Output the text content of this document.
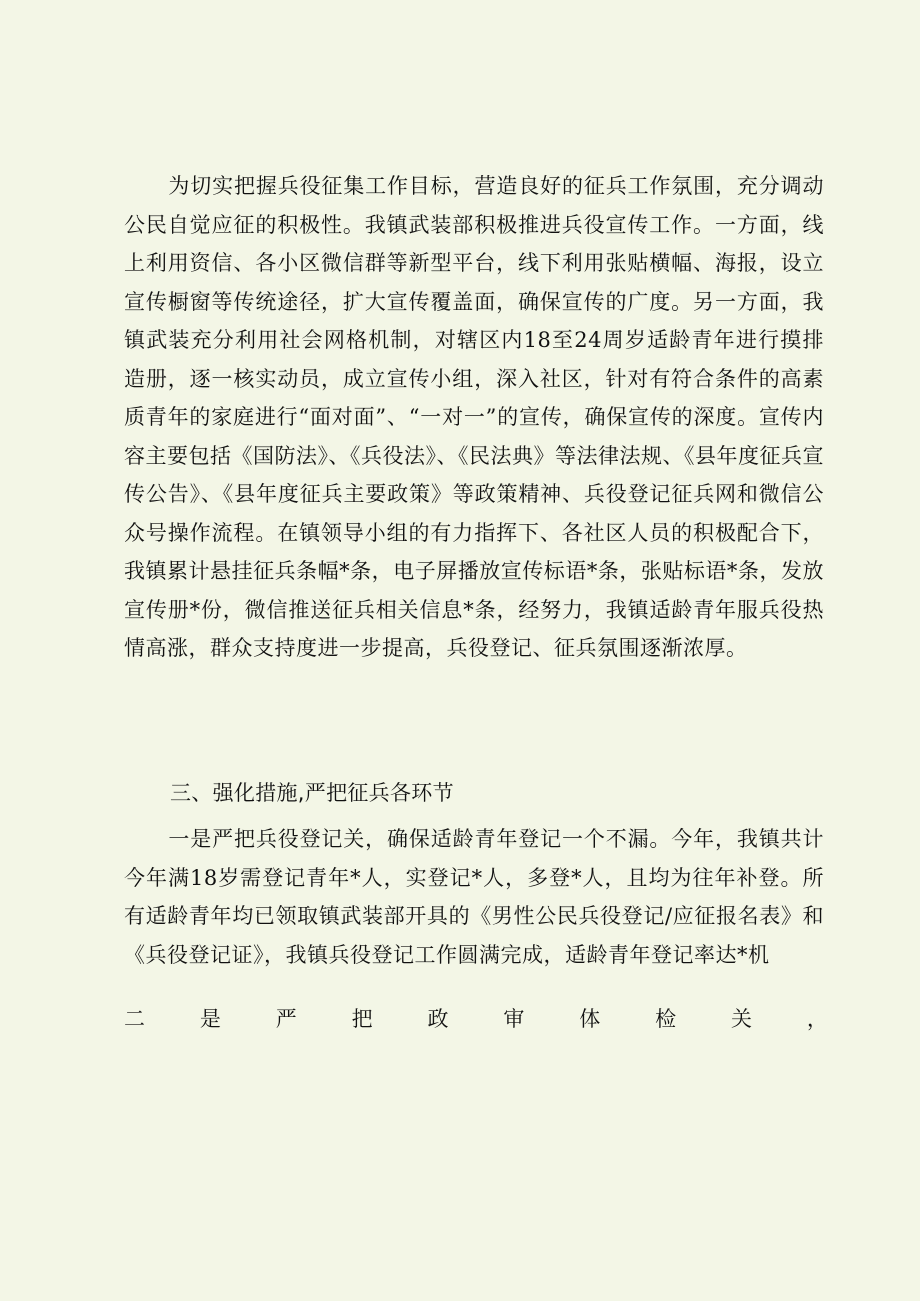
为切实把握兵役征集工作目标，营造良好的征兵工作氛围，充分调动公民自觉应征的积极性。我镇武装部积极推进兵役宣传工作。一方面，线上利用资信、各小区微信群等新型平台，线下利用张贴横幅、海报，设立宣传橱窗等传统途径，扩大宣传覆盖面，确保宣传的广度。另一方面，我镇武装充分利用社会网格机制，对辖区内18至24周岁适龄青年进行摸排造册，逐一核实动员，成立宣传小组，深入社区，针对有符合条件的高素质青年的家庭进行“面对面”、“一对一”的宣传，确保宣传的深度。宣传内容主要包括《国防法》、《兵役法》、《民法典》等法律法规、《县年度征兵宣传公告》、《县年度征兵主要政策》等政策精神、兵役登记征兵网和微信公众号操作流程。在镇领导小组的有力指挥下、各社区人员的积极配合下，我镇累计悬挂征兵条幅*条，电子屏播放宣传标语*条，张贴标语*条，发放宣传册*份，微信推送征兵相关信息*条，经努力，我镇适龄青年服兵役热情高涨，群众支持度进一步提高，兵役登记、征兵氛围逐渐浓厚。

三、强化措施,严把征兵各环节

一是严把兵役登记关，确保适龄青年登记一个不漏。今年，我镇共计今年满18岁需登记青年*人，实登记*人，多登*人，且均为往年补登。所有适龄青年均已领取镇武装部开具的《男性公民兵役登记/应征报名表》和《兵役登记证》，我镇兵役登记工作圆满完成，适龄青年登记率达*机

二	是	严	把	政	审	体	检	关	，
